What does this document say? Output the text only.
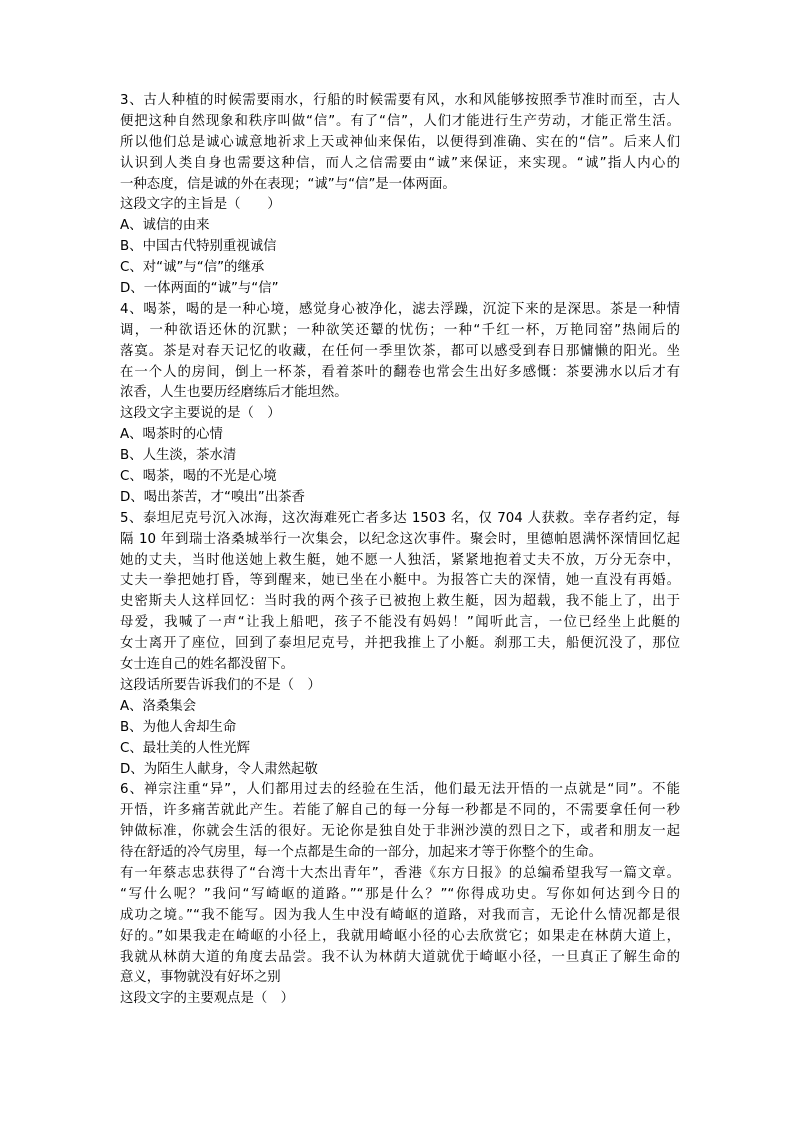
3、古人种植的时候需要雨水，行船的时候需要有风，水和风能够按照季节准时而至，古人
便把这种自然现象和秩序叫做“信”。有了“信”，人们才能进行生产劳动，才能正常生活。
所以他们总是诚心诚意地祈求上天或神仙来保佑，以便得到准确、实在的“信”。后来人们
认识到人类自身也需要这种信，而人之信需要由“诚”来保证，来实现。“诚”指人内心的
一种态度，信是诚的外在表现；“诚”与“信”是一体两面。
这段文字的主旨是（　　）
A、诚信的由来
B、中国古代特别重视诚信
C、对“诚”与“信”的继承
D、一体两面的“诚”与“信”
4、喝茶，喝的是一种心境，感觉身心被净化，滤去浮躁，沉淀下来的是深思。茶是一种情
调，一种欲语还休的沉默；一种欲笑还颦的忧伤；一种“千红一杯，万艳同窑”热闹后的
落寞。茶是对春天记忆的收藏，在任何一季里饮茶，都可以感受到春日那慵懒的阳光。坐
在一个人的房间，倒上一杯茶，看着茶叶的翻卷也常会生出好多感慨：茶要沸水以后才有
浓香，人生也要历经磨练后才能坦然。
这段文字主要说的是（　）
A、喝茶时的心情
B、人生淡，茶水清
C、喝茶，喝的不光是心境
D、喝出茶苦，才“嗅出”出茶香
5、泰坦尼克号沉入冰海，这次海难死亡者多达 1503 名，仅 704 人获救。幸存者约定，每
隔 10 年到瑞士洛桑城举行一次集会，以纪念这次事件。聚会时，里德帕恩满怀深情回忆起
她的丈夫，当时他送她上救生艇，她不愿一人独活，紧紧地抱着丈夫不放，万分无奈中，
丈夫一拳把她打昏，等到醒来，她已坐在小艇中。为报答亡夫的深情，她一直没有再婚。
史密斯夫人这样回忆：当时我的两个孩子已被抱上救生艇，因为超载，我不能上了，出于
母爱，我喊了一声“让我上船吧，孩子不能没有妈妈！”闻听此言，一位已经坐上此艇的
女士离开了座位，回到了泰坦尼克号，并把我推上了小艇。刹那工夫，船便沉没了，那位
女士连自己的姓名都没留下。
这段话所要告诉我们的不是（　）
A、洛桑集会
B、为他人舍却生命
C、最壮美的人性光辉
D、为陌生人献身，令人肃然起敬
6、禅宗注重“异”，人们都用过去的经验在生活，他们最无法开悟的一点就是“同”。不能
开悟，许多痛苦就此产生。若能了解自己的每一分每一秒都是不同的，不需要拿任何一秒
钟做标准，你就会生活的很好。无论你是独自处于非洲沙漠的烈日之下，或者和朋友一起
待在舒适的冷气房里，每一个点都是生命的一部分，加起来才等于你整个的生命。
有一年蔡志忠获得了“台湾十大杰出青年”，香港《东方日报》的总编希望我写一篇文章。
“写什么呢？”我问“写崎岖的道路。”“那是什么？”“你得成功史。写你如何达到今日的
成功之境。”“我不能写。因为我人生中没有崎岖的道路，对我而言，无论什么情况都是很
好的。”如果我走在崎岖的小径上，我就用崎岖小径的心去欣赏它；如果走在林荫大道上，
我就从林荫大道的角度去品尝。我不认为林荫大道就优于崎岖小径，一旦真正了解生命的
意义，事物就没有好坏之别
这段文字的主要观点是（　）
